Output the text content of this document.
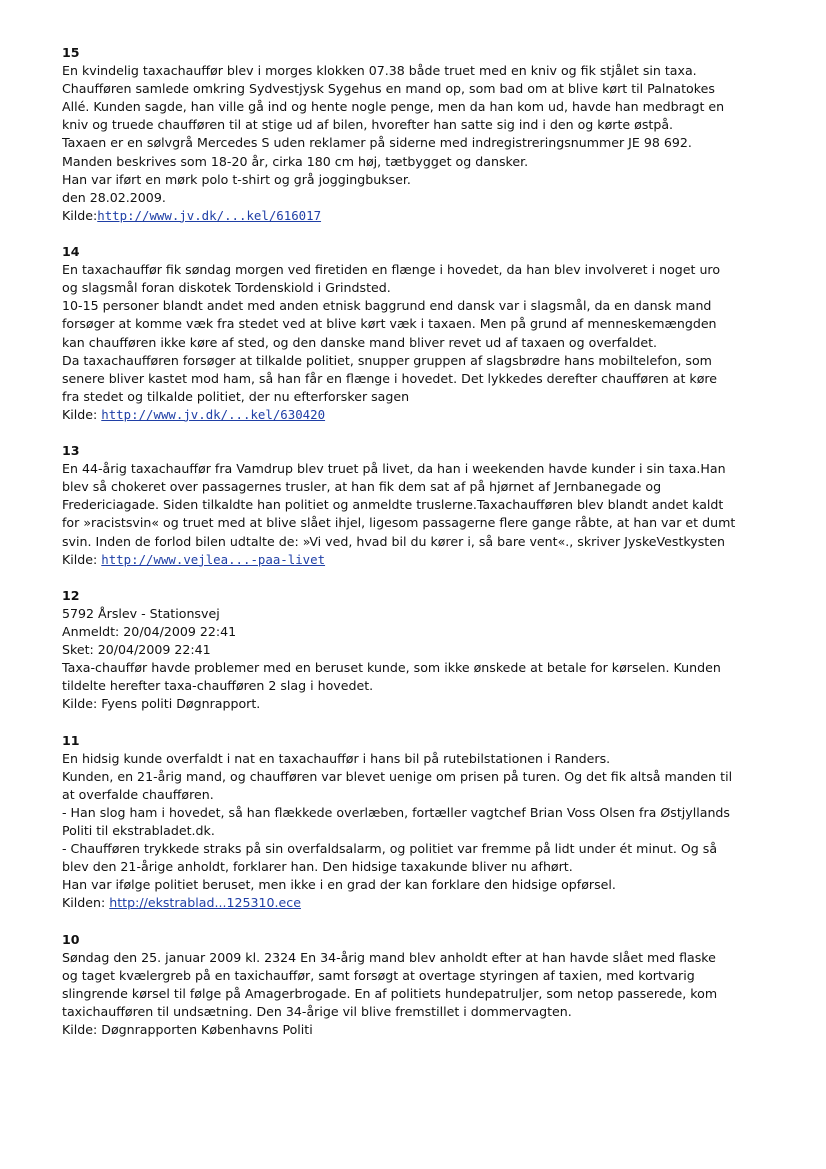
15
En kvindelig taxachauffør blev i morges klokken 07.38 både truet med en kniv og fik stjålet sin taxa.
Chaufføren samlede omkring Sydvestjysk Sygehus en mand op, som bad om at blive kørt til Palnatokes
Allé. Kunden sagde, han ville gå ind og hente nogle penge, men da han kom ud, havde han medbragt en
kniv og truede chaufføren til at stige ud af bilen, hvorefter han satte sig ind i den og kørte østpå.
Taxaen er en sølvgrå Mercedes S uden reklamer på siderne med indregistreringsnummer JE 98 692.
Manden beskrives som 18-20 år, cirka 180 cm høj, tætbygget og dansker.
Han var iført en mørk polo t-shirt og grå joggingbukser.
den 28.02.2009.
Kilde:http://www.jv.dk/...kel/616017
14
En taxachauffør fik søndag morgen ved firetiden en flænge i hovedet, da han blev involveret i noget uro
og slagsmål foran diskotek Tordenskiold i Grindsted.
10-15 personer blandt andet med anden etnisk baggrund end dansk var i slagsmål, da en dansk mand
forsøger at komme væk fra stedet ved at blive kørt væk i taxaen. Men på grund af menneskemængden
kan chaufføren ikke køre af sted, og den danske mand bliver revet ud af taxaen og overfaldet.
Da taxachaufføren forsøger at tilkalde politiet, snupper gruppen af slagsbrødre hans mobiltelefon, som
senere bliver kastet mod ham, så han får en flænge i hovedet. Det lykkedes derefter chaufføren at køre
fra stedet og tilkalde politiet, der nu efterforsker sagen
Kilde: http://www.jv.dk/...kel/630420
13
En 44-årig taxachauffør fra Vamdrup blev truet på livet, da han i weekenden havde kunder i sin taxa.Han
blev så chokeret over passagernes trusler, at han fik dem sat af på hjørnet af Jernbanegade og
Fredericiagade. Siden tilkaldte han politiet og anmeldte truslerne.Taxachaufføren blev blandt andet kaldt
for »racistsvin« og truet med at blive slået ihjel, ligesom passagerne flere gange råbte, at han var et dumt
svin. Inden de forlod bilen udtalte de: »Vi ved, hvad bil du kører i, så bare vent«., skriver JyskeVestkysten
Kilde: http://www.vejlea...-paa-livet
12
5792 Årslev - Stationsvej
Anmeldt: 20/04/2009 22:41
Sket: 20/04/2009 22:41
Taxa-chauffør havde problemer med en beruset kunde, som ikke ønskede at betale for kørselen. Kunden
tildelte herefter taxa-chaufføren 2 slag i hovedet.
Kilde: Fyens politi Døgnrapport.
11
En hidsig kunde overfaldt i nat en taxachauffør i hans bil på rutebilstationen i Randers.
Kunden, en 21-årig mand, og chaufføren var blevet uenige om prisen på turen. Og det fik altså manden til
at overfalde chaufføren.
- Han slog ham i hovedet, så han flækkede overlæben, fortæller vagtchef Brian Voss Olsen fra Østjyllands
Politi til ekstrabladet.dk.
- Chaufføren trykkede straks på sin overfaldsalarm, og politiet var fremme på lidt under ét minut. Og så
blev den 21-årige anholdt, forklarer han. Den hidsige taxakunde bliver nu afhørt.
Han var ifølge politiet beruset, men ikke i en grad der kan forklare den hidsige opførsel.
Kilden: http://ekstrablad...125310.ece
10
Søndag den 25. januar 2009 kl. 2324 En 34-årig mand blev anholdt efter at han havde slået med flaske
og taget kvælergreb på en taxichauffør, samt forsøgt at overtage styringen af taxien, med kortvarig
slingrende kørsel til følge på Amagerbrogade. En af politiets hundepatruljer, som netop passerede, kom
taxichaufføren til undsætning. Den 34-årige vil blive fremstillet i dommervagten.
Kilde: Døgnrapporten Københavns Politi
